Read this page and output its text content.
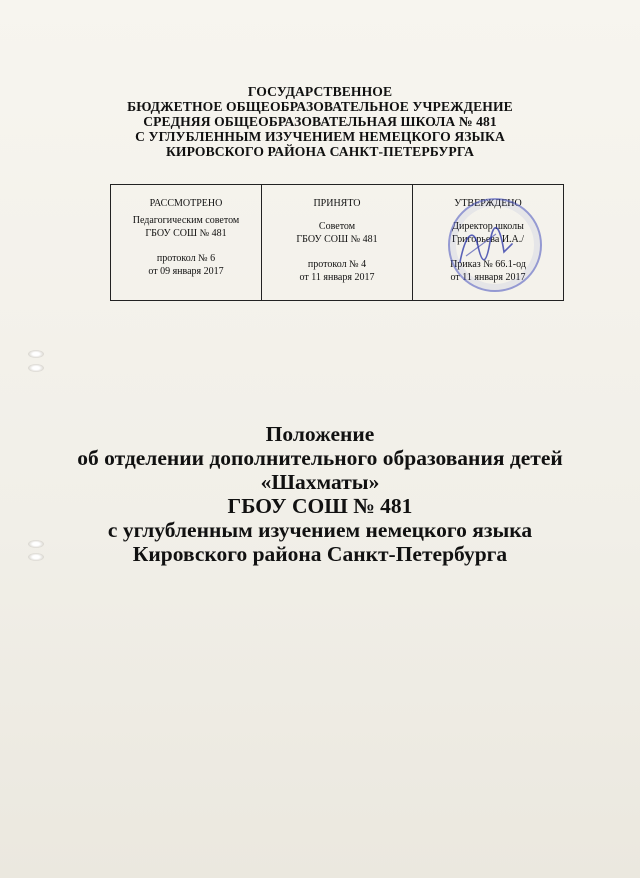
ГОСУДАРСТВЕННОЕ
БЮДЖЕТНОЕ ОБЩЕОБРАЗОВАТЕЛЬНОЕ УЧРЕЖДЕНИЕ
СРЕДНЯЯ ОБЩЕОБРАЗОВАТЕЛЬНАЯ ШКОЛА № 481
С УГЛУБЛЕННЫМ ИЗУЧЕНИЕМ НЕМЕЦКОГО ЯЗЫКА
КИРОВСКОГО РАЙОНА САНКТ-ПЕТЕРБУРГА
РАССМОТРЕНО
Педагогическим советом
ГБОУ СОШ № 481
протокол № 6
от 09 января 2017
ПРИНЯТО
Советом
ГБОУ СОШ № 481
протокол № 4
от 11 января 2017
УТВЕРЖДЕНО
Директор школы
Григорьева И.А./
Приказ № 66.1-од
от 11 января 2017
Положение
об отделении дополнительного образования детей
«Шахматы»
ГБОУ СОШ № 481
с углубленным изучением немецкого языка
Кировского района Санкт-Петербурга
